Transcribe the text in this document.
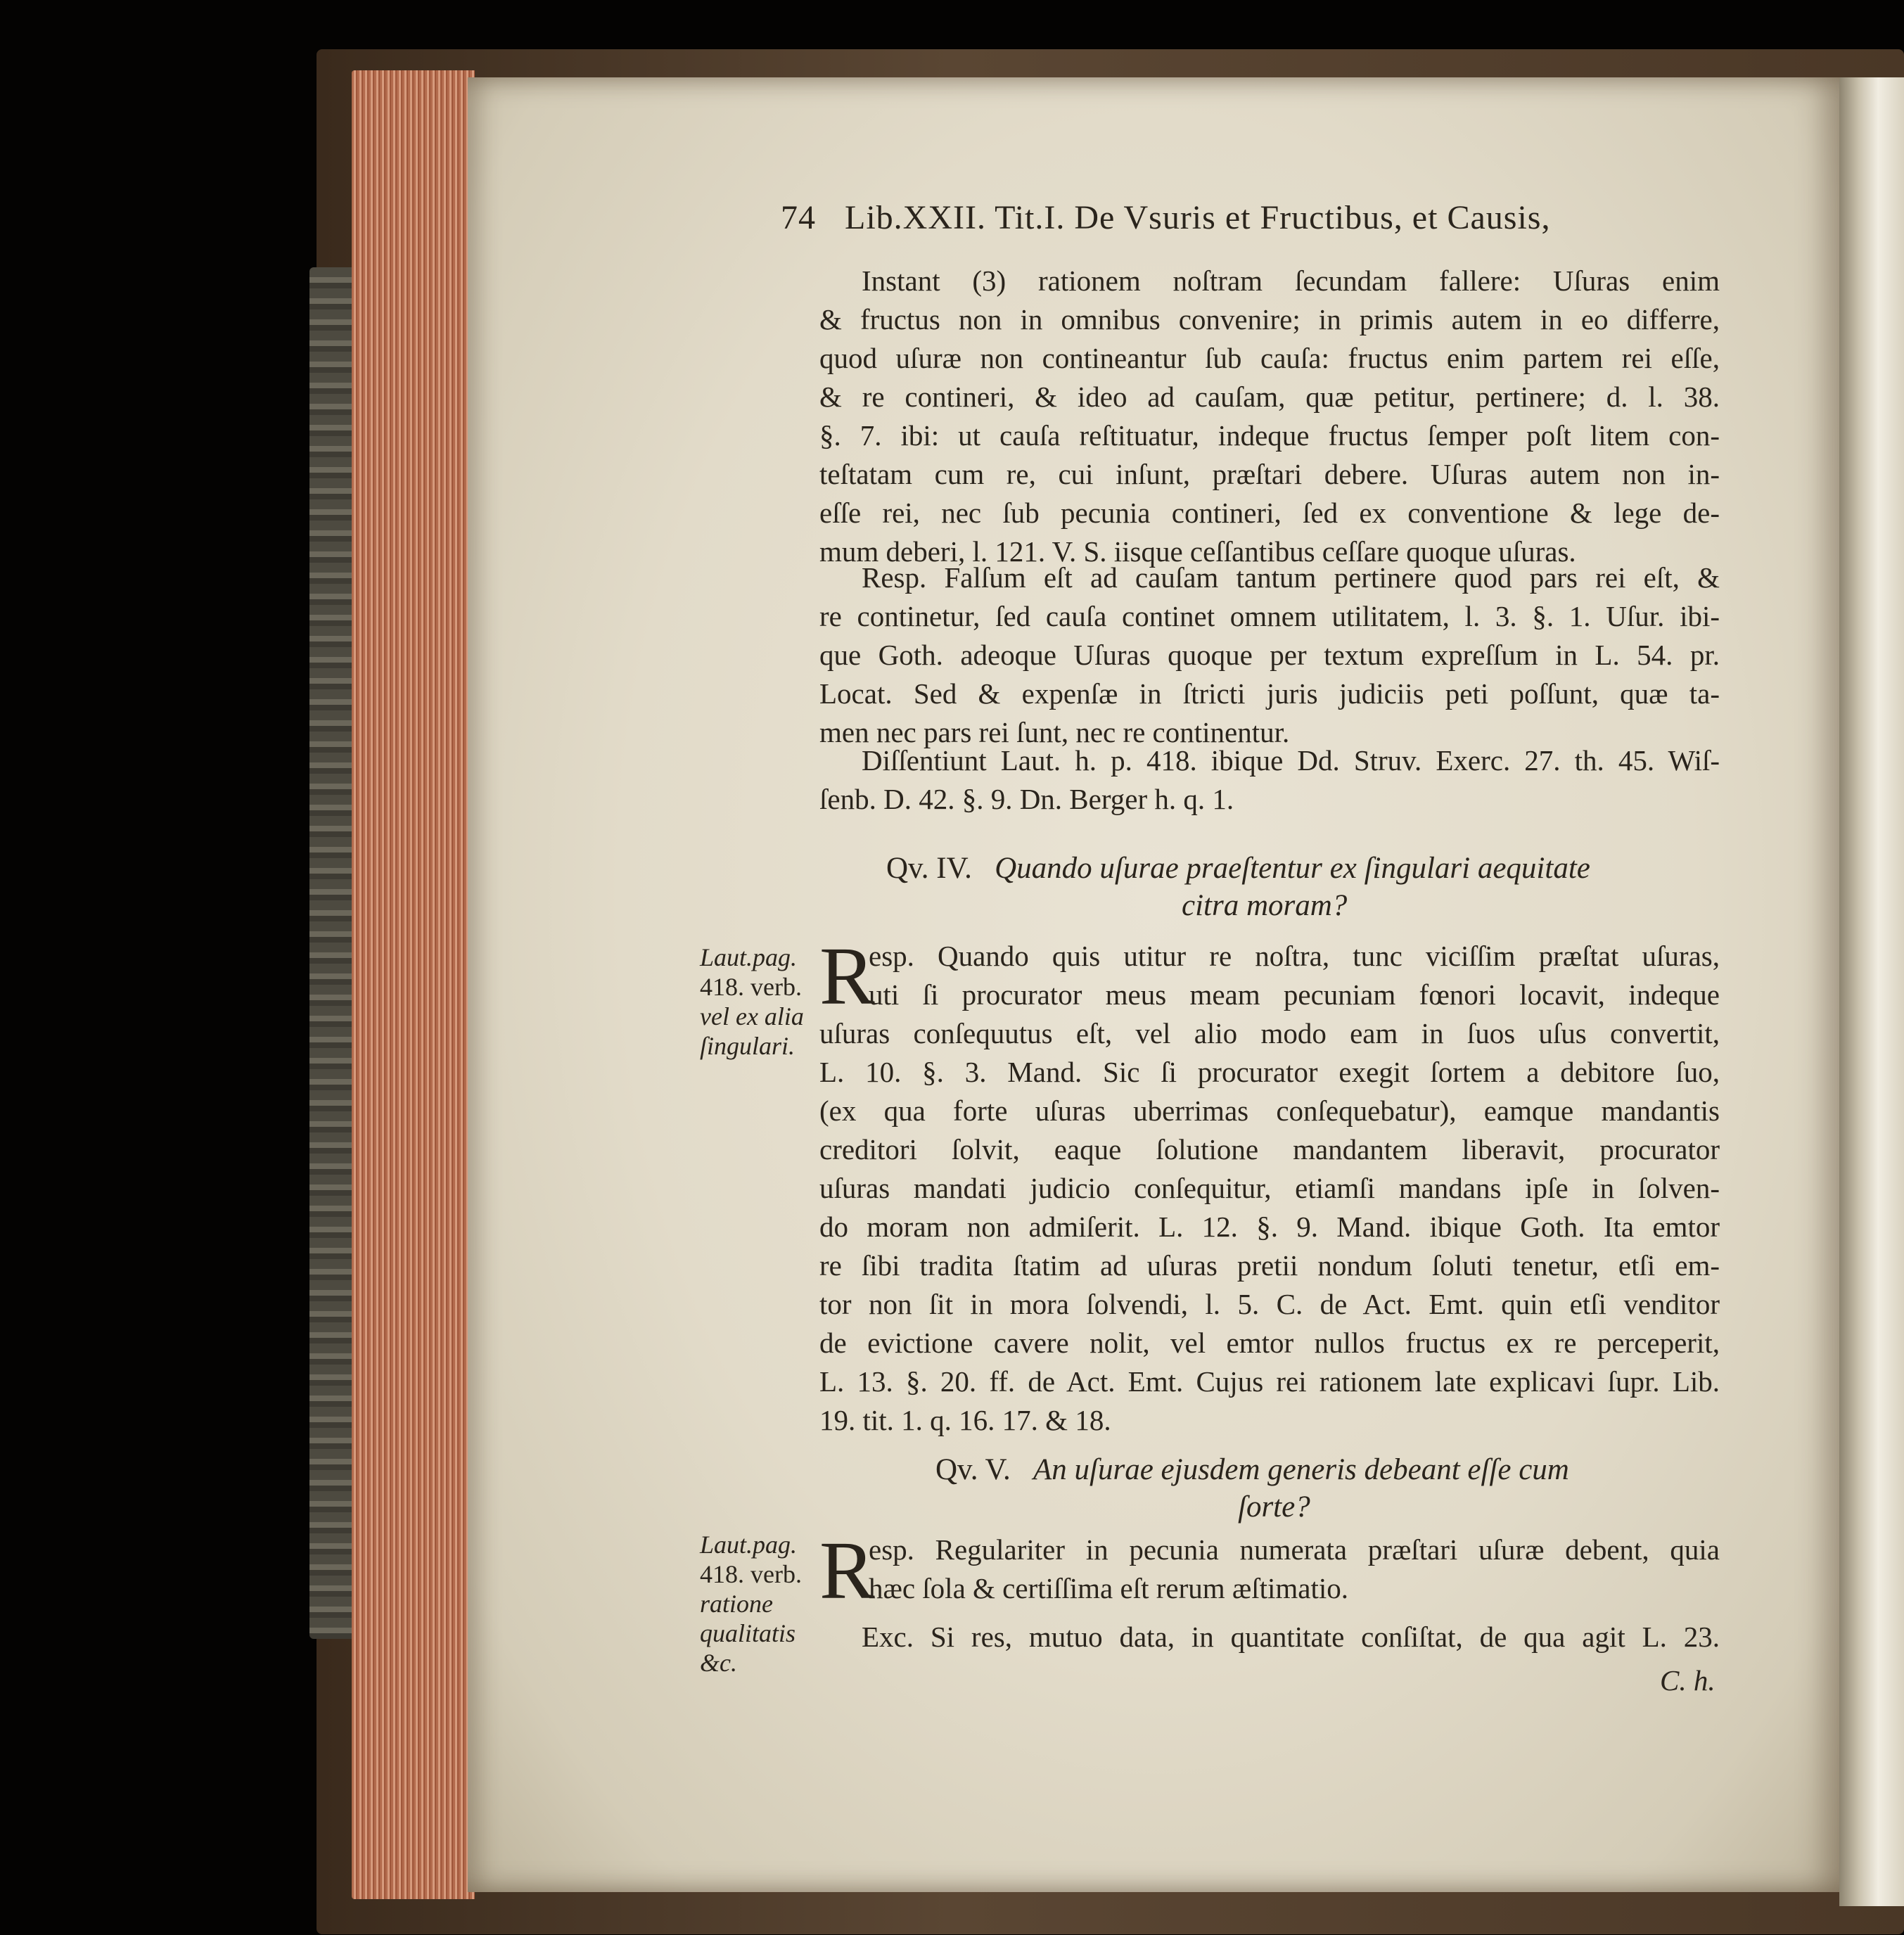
74 Lib.XXII. Tit.I. De Vsuris et Fructibus, et Causis,
Instant (3) rationem noſtram ſecundam fallere: Uſuras enim
& fructus non in omnibus convenire; in primis autem in eo differre,
quod uſuræ non contineantur ſub cauſa: fructus enim partem rei eſſe,
& re contineri, & ideo ad cauſam, quæ petitur, pertinere; d. l. 38.
§. 7. ibi: ut cauſa reſtituatur, indeque fructus ſemper poſt litem con-
teſtatam cum re, cui inſunt, præſtari debere. Uſuras autem non in-
eſſe rei, nec ſub pecunia contineri, ſed ex conventione & lege de-
mum deberi, l. 121. V. S. iisque ceſſantibus ceſſare quoque uſuras.
Resp. Falſum eſt ad cauſam tantum pertinere quod pars rei eſt, &
re continetur, ſed cauſa continet omnem utilitatem, l. 3. §. 1. Uſur. ibi-
que Goth. adeoque Uſuras quoque per textum expreſſum in L. 54. pr.
Locat. Sed & expenſæ in ſtricti juris judiciis peti poſſunt, quæ ta-
men nec pars rei ſunt, nec re continentur.
Diſſentiunt Laut. h. p. 418. ibique Dd. Struv. Exerc. 27. th. 45. Wiſ-
ſenb. D. 42. §. 9. Dn. Berger h. q. 1.
Qv. IV. Quando uſurae praeſtentur ex ſingulari aequitate
citra moram?
Laut.pag.
418. verb.
vel ex alia
ſingulari.
R
esp. Quando quis utitur re noſtra, tunc viciſſim præſtat uſuras,
uti ſi procurator meus meam pecuniam fœnori locavit, indeque
uſuras conſequutus eſt, vel alio modo eam in ſuos uſus convertit,
L. 10. §. 3. Mand. Sic ſi procurator exegit ſortem a debitore ſuo,
(ex qua forte uſuras uberrimas conſequebatur), eamque mandantis
creditori ſolvit, eaque ſolutione mandantem liberavit, procurator
uſuras mandati judicio conſequitur, etiamſi mandans ipſe in ſolven-
do moram non admiſerit. L. 12. §. 9. Mand. ibique Goth. Ita emtor
re ſibi tradita ſtatim ad uſuras pretii nondum ſoluti tenetur, etſi em-
tor non ſit in mora ſolvendi, l. 5. C. de Act. Emt. quin etſi venditor
de evictione cavere nolit, vel emtor nullos fructus ex re perceperit,
L. 13. §. 20. ff. de Act. Emt. Cujus rei rationem late explicavi ſupr. Lib.
19. tit. 1. q. 16. 17. & 18.
Qv. V. An uſurae ejusdem generis debeant eſſe cum
ſorte?
Laut.pag.
418. verb.
ratione
qualitatis
&c.
R
esp. Regulariter in pecunia numerata præſtari uſuræ debent, quia
hæc ſola & certiſſima eſt rerum æſtimatio.
Exc. Si res, mutuo data, in quantitate conſiſtat, de qua agit L. 23.
C. h.
